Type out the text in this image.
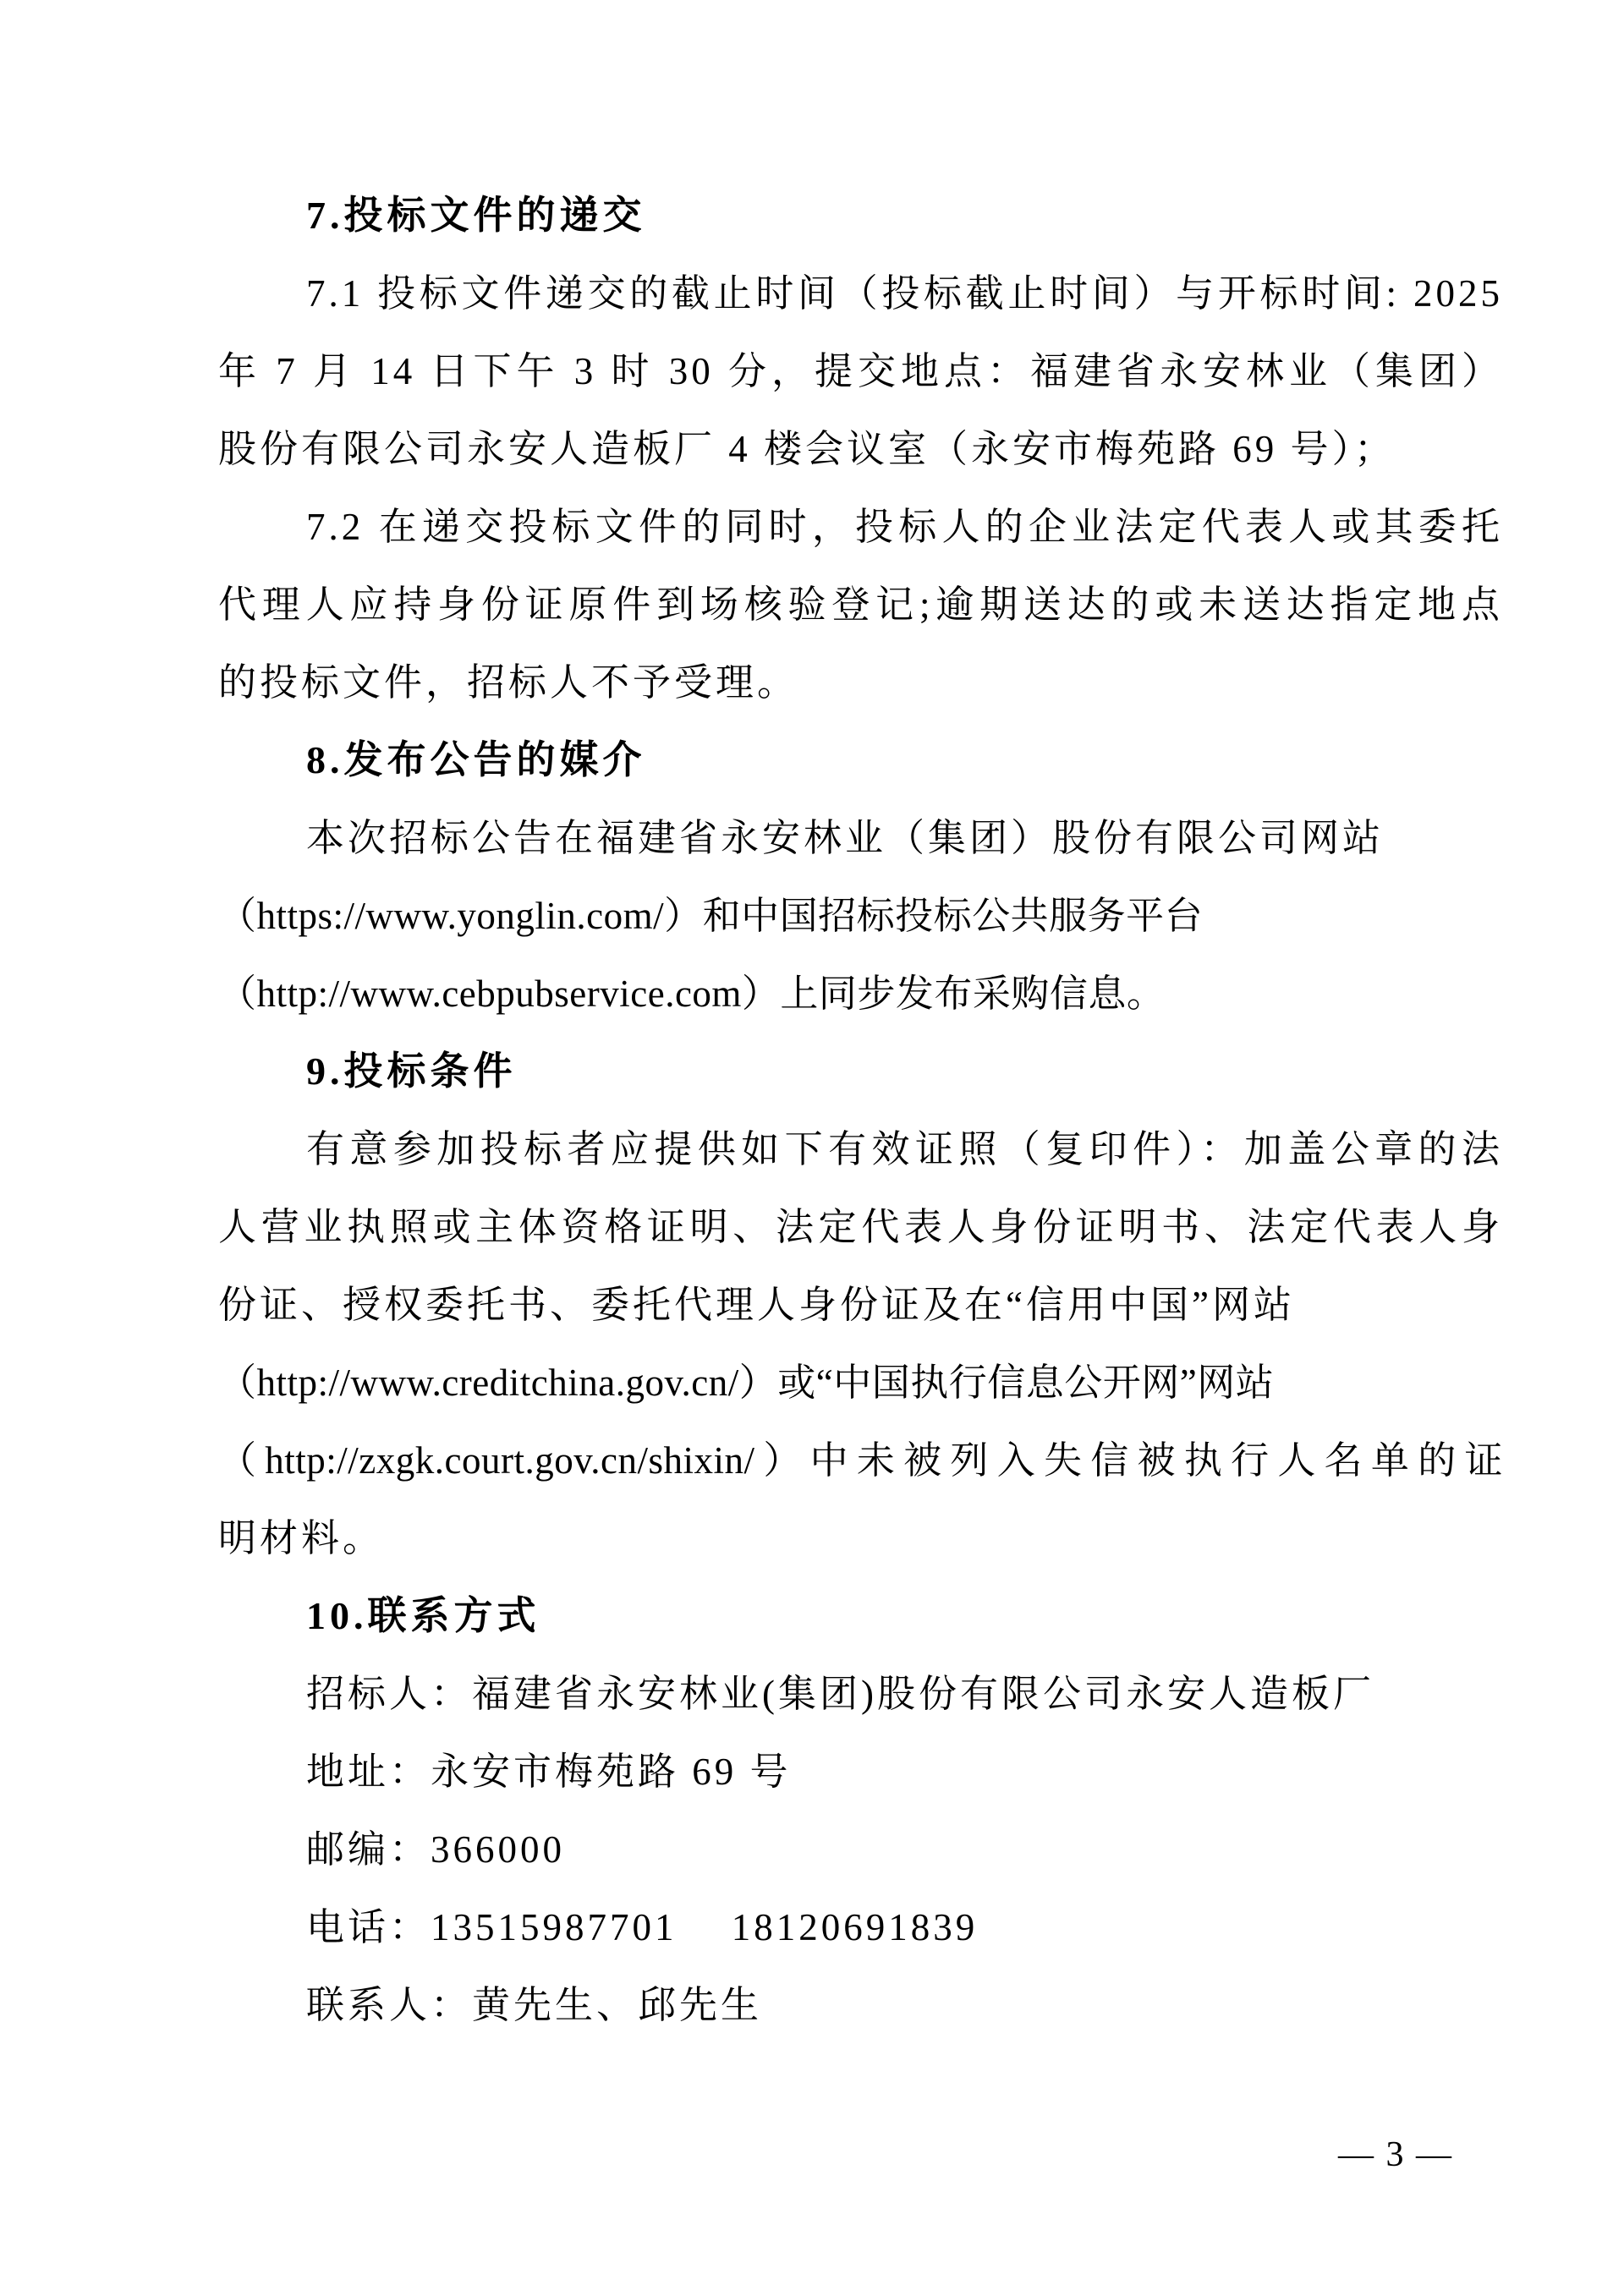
7.投标文件的递交
7.1 投标文件递交的截止时间（投标截止时间）与开标时间: 2025
年 7 月 14 日下午 3 时 30 分，提交地点：福建省永安林业（集团）
股份有限公司永安人造板厂 4 楼会议室（永安市梅苑路 69 号）；
7.2 在递交投标文件的同时，投标人的企业法定代表人或其委托
代理人应持身份证原件到场核验登记;逾期送达的或未送达指定地点
的投标文件，招标人不予受理。
8.发布公告的媒介
本次招标公告在福建省永安林业（集团）股份有限公司网站
（https://www.yonglin.com/）和中国招标投标公共服务平台
（http://www.cebpubservice.com）上同步发布采购信息。
9.投标条件
有意参加投标者应提供如下有效证照（复印件）：加盖公章的法
人营业执照或主体资格证明、法定代表人身份证明书、法定代表人身
份证、授权委托书、委托代理人身份证及在“信用中国”网站
（http://www.creditchina.gov.cn/）或“中国执行信息公开网”网站
（http://zxgk.court.gov.cn/shixin/）中未被列入失信被执行人名单的证
明材料。
10.联系方式
招标人：福建省永安林业(集团)股份有限公司永安人造板厂
地址：永安市梅苑路 69 号
邮编：366000
电话：13515987701　 18120691839
联系人：黄先生、邱先生
— 3 —
